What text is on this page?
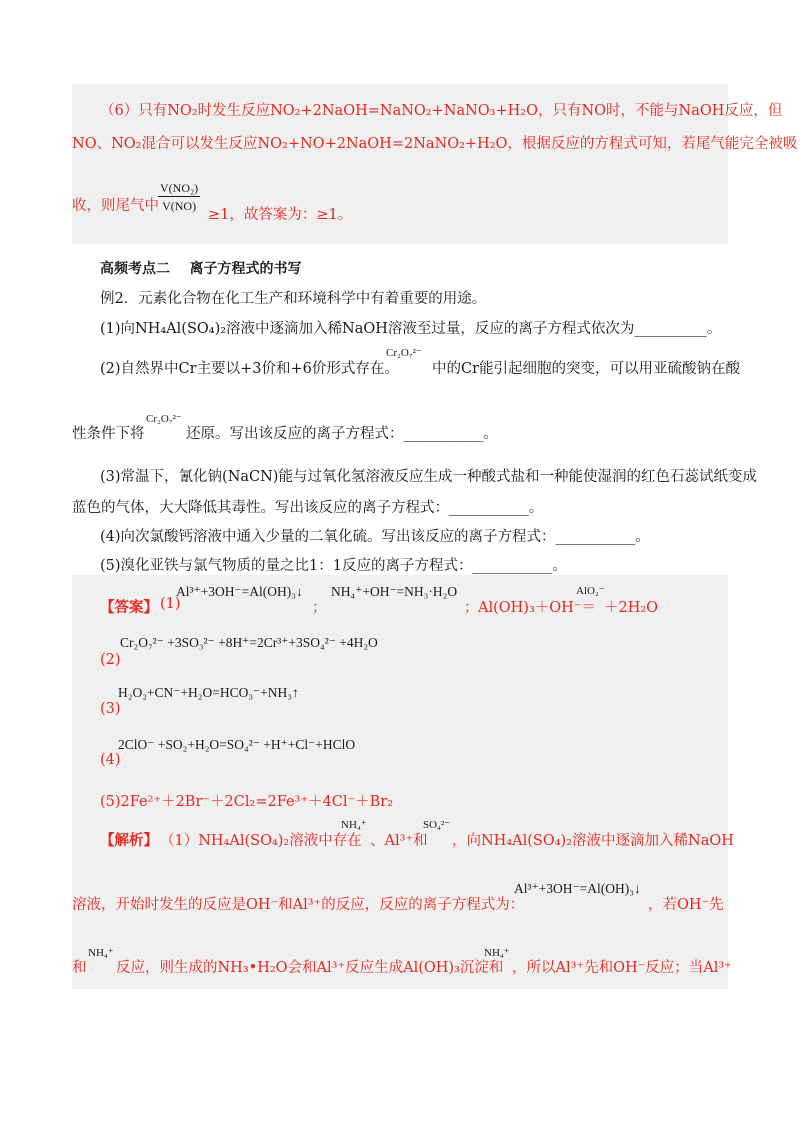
（6）只有NO₂时发生反应NO₂+2NaOH=NaNO₂+NaNO₃+H₂O，只有NO时，不能与NaOH反应，但
NO、NO₂混合可以发生反应NO₂+NO+2NaOH=2NaNO₂+H₂O，根据反应的方程式可知，若尾气能完全被吸
收，则尾气中 $\frac{\text{V(NO₂)}}{V(NO)}$
≥1，故答案为：≥1。
高频考点二    离子方程式的书写
例2．元素化合物在化工生产和环境科学中有着重要的用途。
(1)向NH₄Al(SO₄)₂溶液中逐滴加入稀NaOH溶液至过量，反应的离子方程式依次为__________。
(2)自然界中Cr主要以+3价和+6价形式存在。
Cr₂O₇²⁻
中的Cr能引起细胞的突变，可以用亚硫酸钠在酸
性条件下将
Cr₂O₇²⁻
还原。写出该反应的离子方程式：___________。
(3)常温下，氰化钠(NaCN)能与过氧化氢溶液反应生成一种酸式盐和一种能使湿润的红色石蕊试纸变成
蓝色的气体，大大降低其毒性。写出该反应的离子方程式：___________。
(4)向次氯酸钙溶液中通入少量的二氧化硫。写出该反应的离子方程式：___________。
(5)溴化亚铁与氯气物质的量之比1：1反应的离子方程式：___________。
【答案】 (1)
Al³⁺+3OH⁻=Al(OH)₃↓
；
NH₄⁺+OH⁻=NH₃·H₂O
； Al(OH)₃＋OH⁻＝
AlO₂⁻
＋2H₂O
Cr₂O₇²⁻ +3SO₃²⁻ +8H⁺=2Cr³⁺+3SO₄²⁻ +4H₂O
(2)
H₂O₂+CN⁻+H₂O=HCO₃⁻+NH₃↑
(3)
2ClO⁻ +SO₂+H₂O=SO₄²⁻ +H⁺+Cl⁻+HClO
(4)
(5)2Fe²⁺＋2Br⁻＋2Cl₂=2Fe³⁺＋4Cl⁻＋Br₂
【解析】 （1）NH₄Al(SO₄)₂溶液中存在
NH₄⁺
、Al³⁺和
SO₄²⁻
，向NH₄Al(SO₄)₂溶液中逐滴加入稀NaOH
溶液，开始时发生的反应是OH⁻和Al³⁺的反应，反应的离子方程式为：
Al³⁺+3OH⁻=Al(OH)₃↓
，若OH⁻先
和
NH₄⁺
反应，则生成的NH₃•H₂O会和Al³⁺反应生成Al(OH)₃沉淀和
NH₄⁺
，所以Al³⁺先和OH⁻反应；当Al³⁺
